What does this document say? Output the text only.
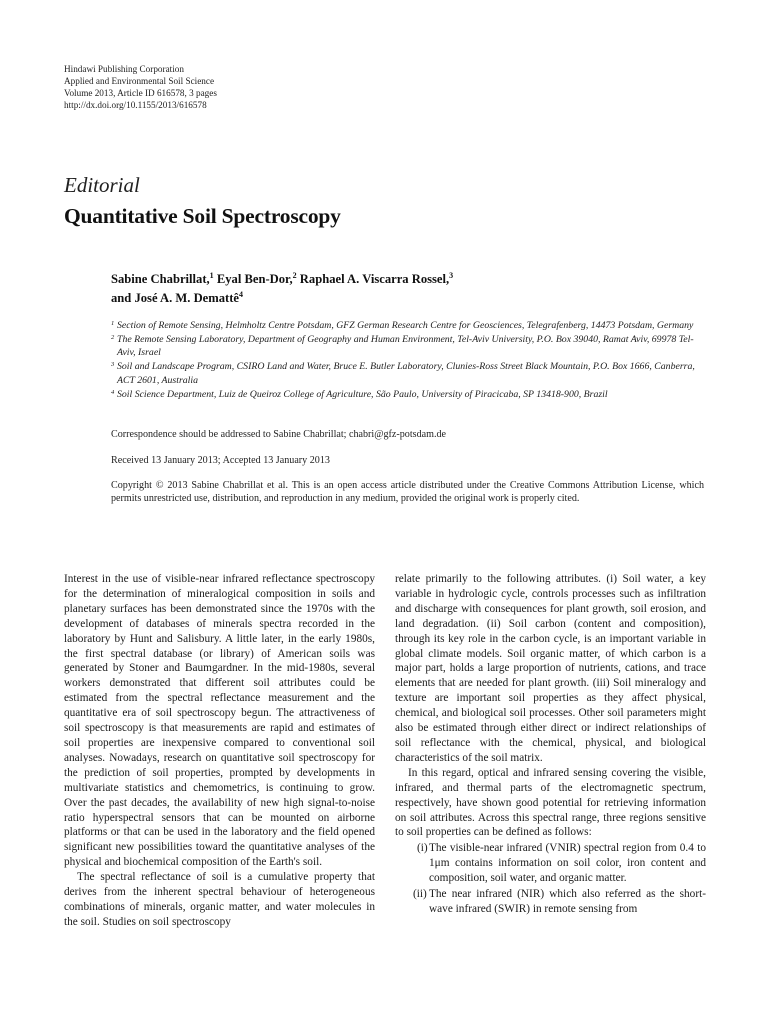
Hindawi Publishing Corporation
Applied and Environmental Soil Science
Volume 2013, Article ID 616578, 3 pages
http://dx.doi.org/10.1155/2013/616578
Editorial
Quantitative Soil Spectroscopy
Sabine Chabrillat,$^1$ Eyal Ben-Dor,$^2$ Raphael A. Viscarra Rossel,$^3$
and José A. M. Demattê$^4$
1 Section of Remote Sensing, Helmholtz Centre Potsdam, GFZ German Research Centre for Geosciences, Telegrafenberg, 14473 Potsdam, Germany
2 The Remote Sensing Laboratory, Department of Geography and Human Environment, Tel-Aviv University, P.O. Box 39040, Ramat Aviv, 69978 Tel-Aviv, Israel
3 Soil and Landscape Program, CSIRO Land and Water, Bruce E. Butler Laboratory, Clunies-Ross Street Black Mountain, P.O. Box 1666, Canberra, ACT 2601, Australia
4 Soil Science Department, Luiz de Queiroz College of Agriculture, São Paulo, University of Piracicaba, SP 13418-900, Brazil
Correspondence should be addressed to Sabine Chabrillat; chabri@gfz-potsdam.de
Received 13 January 2013; Accepted 13 January 2013
Copyright © 2013 Sabine Chabrillat et al. This is an open access article distributed under the Creative Commons Attribution License, which permits unrestricted use, distribution, and reproduction in any medium, provided the original work is properly cited.

Interest in the use of visible-near infrared reflectance spectroscopy for the determination of mineralogical composition in soils and planetary surfaces has been demonstrated since the 1970s with the development of databases of minerals spectra recorded in the laboratory by Hunt and Salisbury. A little later, in the early 1980s, the first spectral database (or library) of American soils was generated by Stoner and Baumgardner. In the mid-1980s, several workers demonstrated that different soil attributes could be estimated from the spectral reflectance measurement and the quantitative era of soil spectroscopy begun. The attractiveness of soil spectroscopy is that measurements are rapid and estimates of soil properties are inexpensive compared to conventional soil analyses. Nowadays, research on quantitative soil spectroscopy for the prediction of soil properties, prompted by developments in multivariate statistics and chemometrics, is continuing to grow. Over the past decades, the availability of new high signal-to-noise ratio hyperspectral sensors that can be mounted on airborne platforms or that can be used in the laboratory and the field opened significant new possibilities toward the quantitative analyses of the physical and biochemical composition of the Earth's soil.

The spectral reflectance of soil is a cumulative property that derives from the inherent spectral behaviour of heterogeneous combinations of minerals, organic matter, and water molecules in the soil. Studies on soil spectroscopy

relate primarily to the following attributes. (i) Soil water, a key variable in hydrologic cycle, controls processes such as infiltration and discharge with consequences for plant growth, soil erosion, and land degradation. (ii) Soil carbon (content and composition), through its key role in the carbon cycle, is an important variable in global climate models. Soil organic matter, of which carbon is a major part, holds a large proportion of nutrients, cations, and trace elements that are needed for plant growth. (iii) Soil mineralogy and texture are important soil properties as they affect physical, chemical, and biological soil processes. Other soil parameters might also be estimated through either direct or indirect relationships of soil reflectance with the chemical, physical, and biological characteristics of the soil matrix.

In this regard, optical and infrared sensing covering the visible, infrared, and thermal parts of the electromagnetic spectrum, respectively, have shown good potential for retrieving information on soil attributes. Across this spectral range, three regions sensitive to soil properties can be defined as follows:

(i) The visible-near infrared (VNIR) spectral region from 0.4 to 1μm contains information on soil color, iron content and composition, soil water, and organic matter.
(ii) The near infrared (NIR) which also referred as the short-wave infrared (SWIR) in remote sensing from
